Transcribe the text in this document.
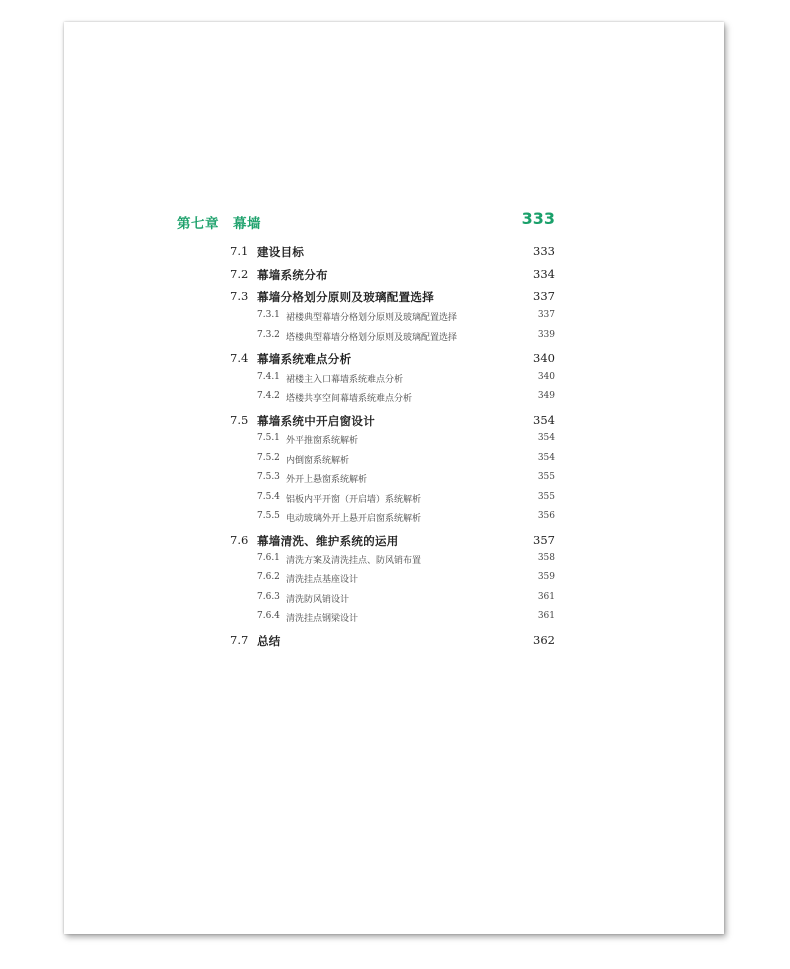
第七章　幕墙	333
7.1 建设目标	333
7.2 幕墙系统分布	334
7.3 幕墙分格划分原则及玻璃配置选择	337
7.3.1 裙楼典型幕墙分格划分原则及玻璃配置选择	337
7.3.2 塔楼典型幕墙分格划分原则及玻璃配置选择	339
7.4 幕墙系统难点分析	340
7.4.1 裙楼主入口幕墙系统难点分析	340
7.4.2 塔楼共享空间幕墙系统难点分析	349
7.5 幕墙系统中开启窗设计	354
7.5.1 外平推窗系统解析	354
7.5.2 内倒窗系统解析	354
7.5.3 外开上悬窗系统解析	355
7.5.4 铝板内平开窗（开启墙）系统解析	355
7.5.5 电动玻璃外开上悬开启窗系统解析	356
7.6 幕墙清洗、维护系统的运用	357
7.6.1 清洗方案及清洗挂点、防风销布置	358
7.6.2 清洗挂点基座设计	359
7.6.3 清洗防风销设计	361
7.6.4 清洗挂点钢梁设计	361
7.7 总结	362
